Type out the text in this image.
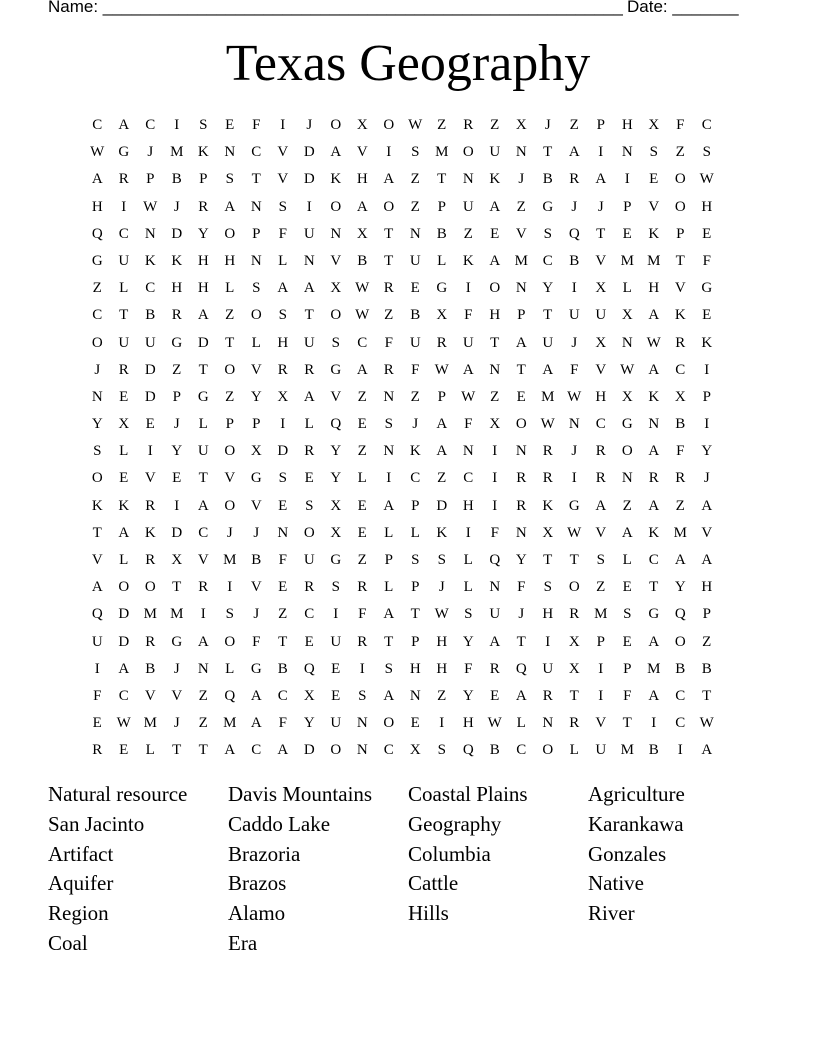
Name: _______________________________________________________ Date: _______
Texas Geography
C	A	C	I	S	E	F	I	J	O	X	O W Z	R	Z	X	J	Z	P	H	X	F	C
W G	J	M K	N	C	V	D	A	V	I	S	M O	U	N	T	A	I	N	S	Z	S
A	R	P	B	P	S	T	V	D	K	H	A	Z	T	N	K	J	B	R	A	I	E	O W
H	I	W	J	R	A	N	S	I	O	A	O	Z	P	U	A	Z	G	J	J	P	V	O	H
Q	C	N	D	Y	O	P	F	U	N	X	T	N	B	Z	E	V	S	Q	T	E	K	P	E
G	U	K	K	H	H	N	L	N	V	B	T	U	L	K	A M C	B	V M M	T	F
Z	L	C	H	H	L	S	A	A	X W R	E	G	I	O	N	Y	I	X	L	H	V	G
C	T	B	R	A	Z	O	S	T	O W Z	B	X	F	H	P	T	U	U	X	A	K	E
O	U	U	G	D	T	L	H	U	S	C	F	U	R	U	T	A	U	J	X	N W R	K
J	R	D	Z	T	O	V	R	R	G	A	R	F	W A	N	T	A	F	V W A	C	I
N	E	D	P	G	Z	Y	X	A	V	Z	N	Z	P	W Z	E	M W H	X	K	X	P
Y	X	E	J	L	P	P	I	L	Q	E	S	J	A	F	X	O W N	C	G	N	B	I
S	L	I	Y	U	O	X	D	R	Y	Z	N	K	A	N	I	N	R	J	R	O	A	F	Y
O	E	V	E	T	V	G	S	E	Y	L	I	C	Z	C	I	R	R	I	R	N	R	R	J
K	K	R	I	A	O	V	E	S	X	E	A	P	D	H	I	R	K	G	A	Z	A	Z	A
T	A	K	D	C	J	J	N	O	X	E	L	L	K	I	F	N	X W V	A	K M V
V	L	R	X	V M B	F	U	G	Z	P	S	S	L	Q	Y	T	T	S	L	C	A	A
A	O	O	T	R	I	V	E	R	S	R	L	P	J	L	N	F	S	O	Z	E	T	Y	H
Q	D M M	I	S	J	Z	C	I	F	A	T W	S	U	J	H	R M	S	G	Q	P
U	D	R	G	A	O	F	T	E	U	R	T	P	H	Y	A	T	I	X	P	E	A	O	Z
I	A	B	J	N	L	G	B	Q	E	I	S	H	H	F	R	Q	U	X	I	P	M B	B
F	C	V	V	Z	Q	A	C	X	E	S	A	N	Z	Y	E	A	R	T	I	F	A	C	T
E W M	J	Z	M A	F	Y	U	N	O	E	I	H W L	N	R	V	T	I	C W
R	E	L	T	T	A	C	A	D	O	N	C	X	S	Q	B	C	O	L	U M B	I	A
Natural resource	Davis Mountains	Coastal Plains	Agriculture
San Jacinto	Caddo Lake	Geography	Karankawa
Artifact	Brazoria	Columbia	Gonzales
Aquifer	Brazos	Cattle	Native
Region	Alamo	Hills	River
Coal	Era
